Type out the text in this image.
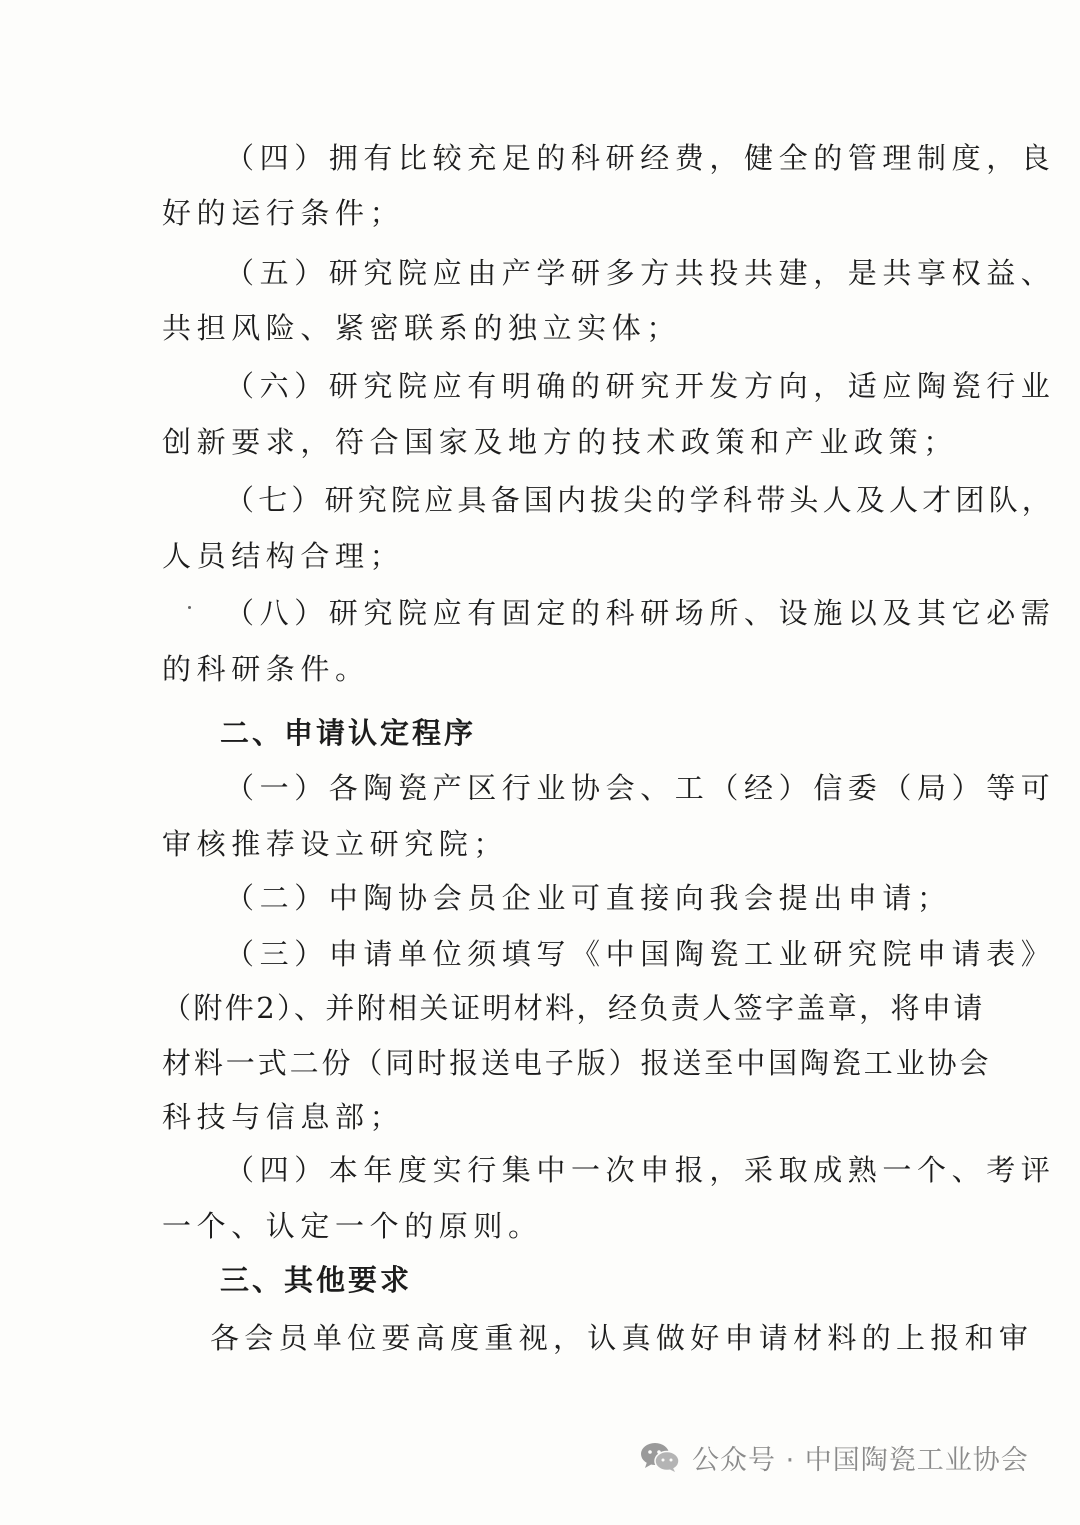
（四）拥有比较充足的科研经费，健全的管理制度，良
好的运行条件；
（五）研究院应由产学研多方共投共建，是共享权益、
共担风险、紧密联系的独立实体；
（六）研究院应有明确的研究开发方向，适应陶瓷行业
创新要求，符合国家及地方的技术政策和产业政策；
（七）研究院应具备国内拔尖的学科带头人及人才团队，
人员结构合理；
（八）研究院应有固定的科研场所、设施以及其它必需
的科研条件。
二、申请认定程序
（一）各陶瓷产区行业协会、工（经）信委（局）等可
审核推荐设立研究院；
（二）中陶协会员企业可直接向我会提出申请；
（三）申请单位须填写《中国陶瓷工业研究院申请表》
（附件2）、并附相关证明材料，经负责人签字盖章，将申请
材料一式二份（同时报送电子版）报送至中国陶瓷工业协会
科技与信息部；
（四）本年度实行集中一次申报，采取成熟一个、考评
一个、认定一个的原则。
三、其他要求
各会员单位要高度重视，认真做好申请材料的上报和审
公众号 · 中国陶瓷工业协会
